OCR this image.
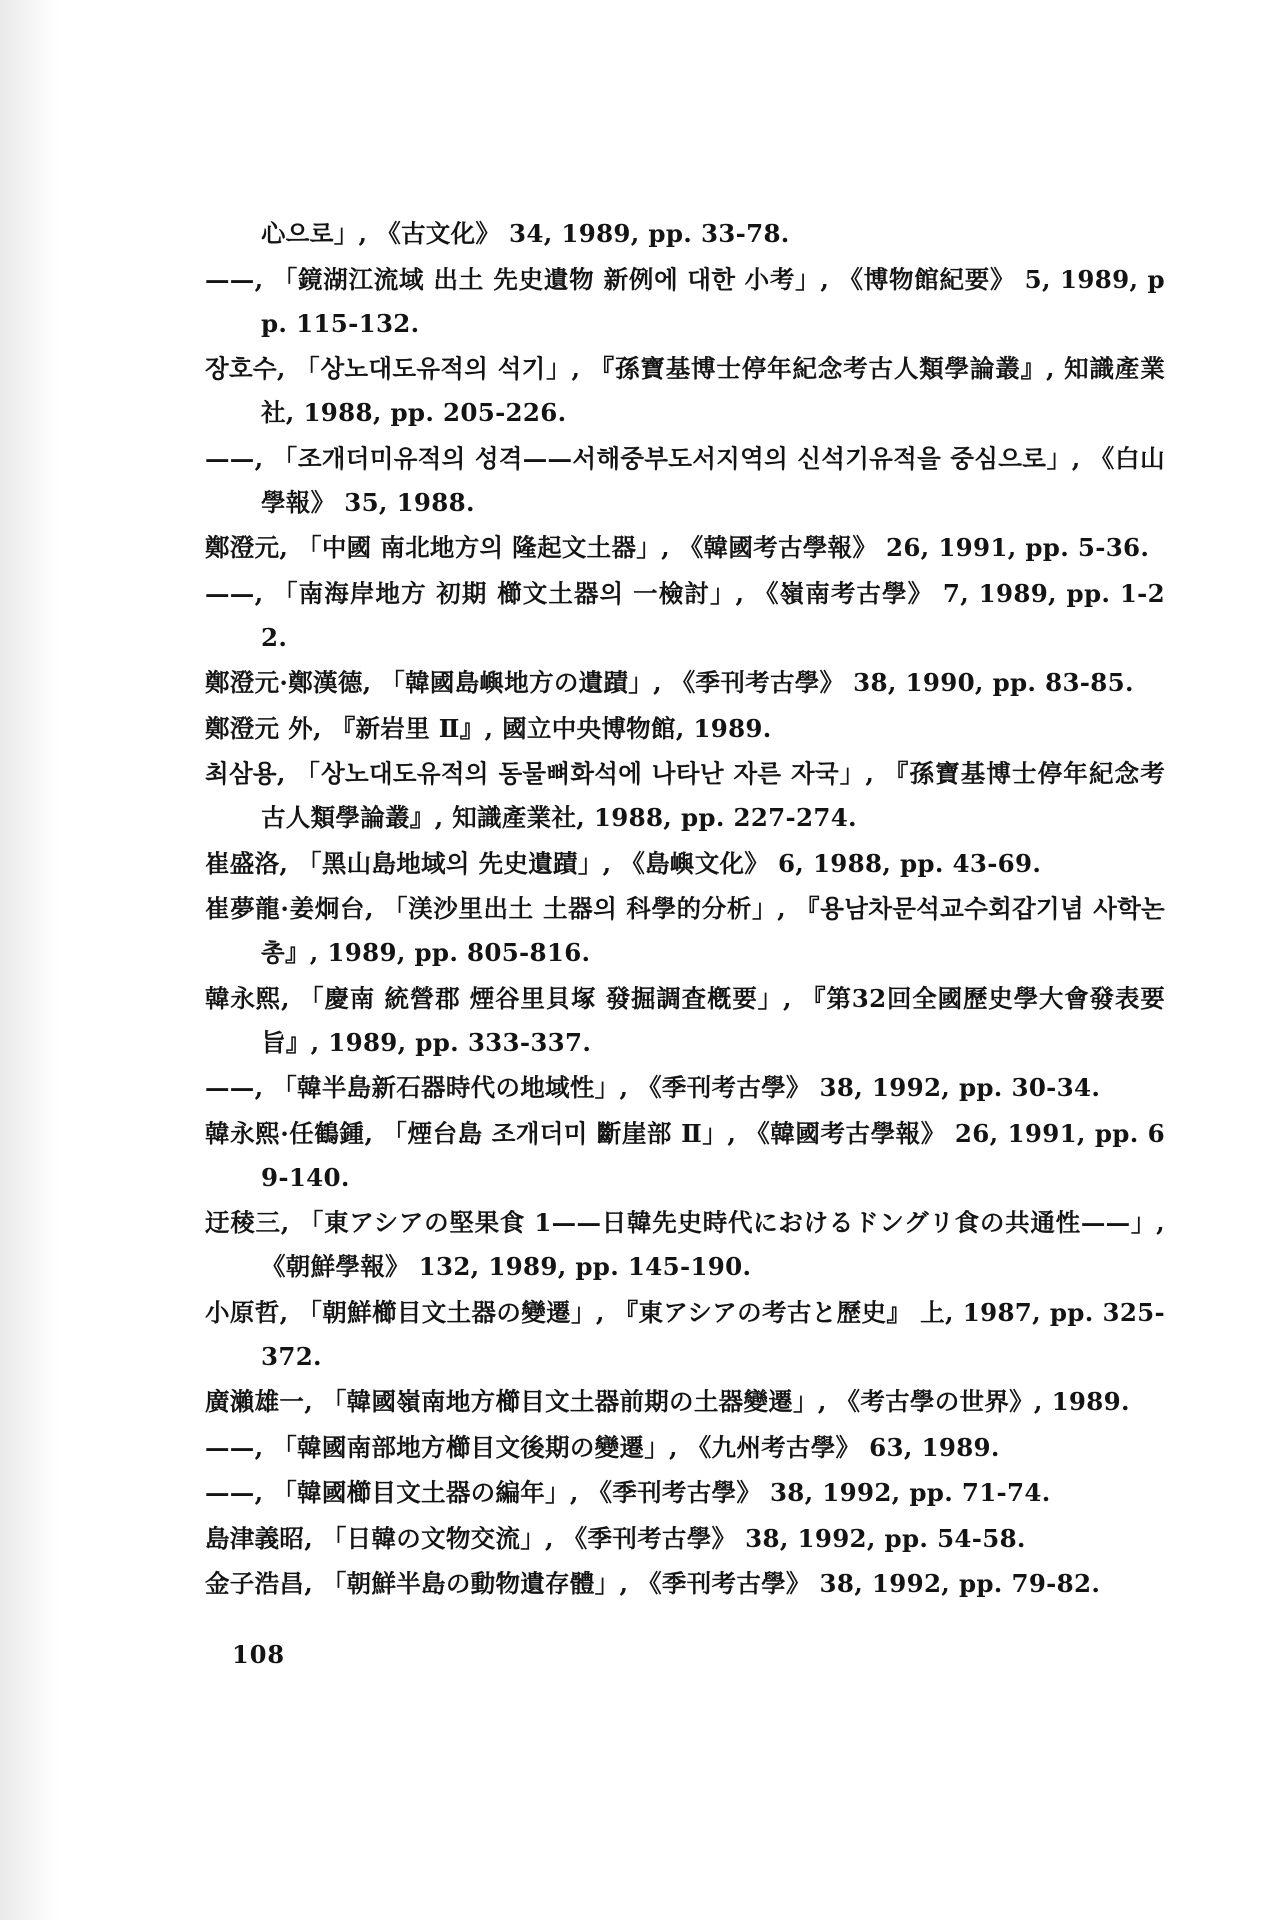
心으로」, 《古文化》 34, 1989, pp. 33-78.
——, 「鏡湖江流域 出土 先史遺物 新例에 대한 小考」, 《博物館紀要》 5, 1989, pp. 115-132.
장호수, 「상노대도유적의 석기」, 『孫寶基博士停年紀念考古人類學論叢』, 知識產業社, 1988, pp. 205-226.
——, 「조개더미유적의 성격——서해중부도서지역의 신석기유적을 중심으로」, 《白山學報》 35, 1988.
鄭澄元, 「中國 南北地方의 隆起文土器」, 《韓國考古學報》 26, 1991, pp. 5-36.
——, 「南海岸地方 初期 櫛文土器의 一檢討」, 《嶺南考古學》 7, 1989, pp. 1-22.
鄭澄元·鄭漢德, 「韓國島嶼地方の遺蹟」, 《季刊考古學》 38, 1990, pp. 83-85.
鄭澄元 外, 『新岩里 Ⅱ』, 國立中央博物館, 1989.
최삼용, 「상노대도유적의 동물뼈화석에 나타난 자른 자국」, 『孫寶基博士停年紀念考古人類學論叢』, 知識產業社, 1988, pp. 227-274.
崔盛洛, 「黑山島地域의 先史遺蹟」, 《島嶼文化》 6, 1988, pp. 43-69.
崔夢龍·姜炯台, 「渼沙里出土 土器의 科學的分析」, 『용남차문석교수회갑기념 사학논총』, 1989, pp. 805-816.
韓永熙, 「慶南 統營郡 煙谷里貝塚 發掘調査槪要」, 『第32回全國歷史學大會發表要旨』, 1989, pp. 333-337.
——, 「韓半島新石器時代の地域性」, 《季刊考古學》 38, 1992, pp. 30-34.
韓永熙·任鶴鍾, 「煙台島 조개더미 斷崖部 Ⅱ」, 《韓國考古學報》 26, 1991, pp. 69-140.
迂稜三, 「東アシアの堅果食 1——日韓先史時代におけるドングリ食の共通性——」, 《朝鮮學報》 132, 1989, pp. 145-190.
小原哲, 「朝鮮櫛目文土器の變遷」, 『東アシアの考古と歷史』 上, 1987, pp. 325-372.
廣瀨雄一, 「韓國嶺南地方櫛目文土器前期の土器變遷」, 《考古學の世界》, 1989.
——, 「韓國南部地方櫛目文後期の變遷」, 《九州考古學》 63, 1989.
——, 「韓國櫛目文土器の編年」, 《季刊考古學》 38, 1992, pp. 71-74.
島津義昭, 「日韓の文物交流」, 《季刊考古學》 38, 1992, pp. 54-58.
金子浩昌, 「朝鮮半島の動物遺存體」, 《季刊考古學》 38, 1992, pp. 79-82.
108
